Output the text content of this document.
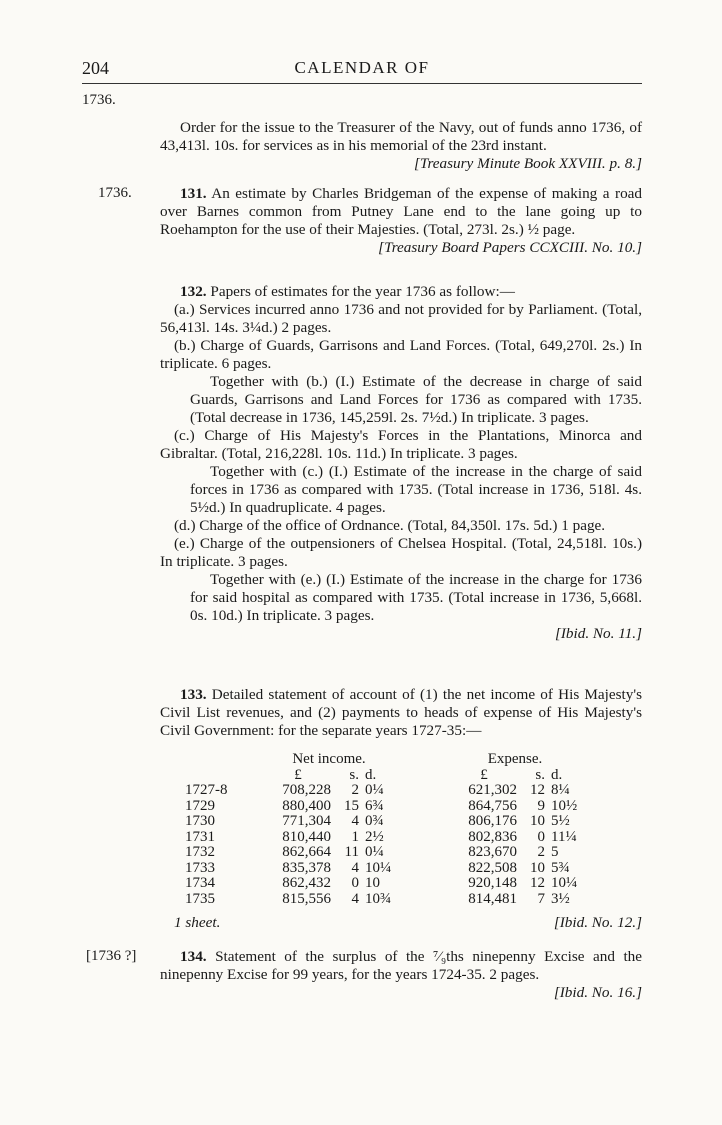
204	CALENDAR OF
1736.
Order for the issue to the Treasurer of the Navy, out of funds anno 1736, of 43,413l. 10s. for services as in his memorial of the 23rd instant.
[Treasury Minute Book XXVIII. p. 8.]
1736.	131. An estimate by Charles Bridgeman of the expense of making a road over Barnes common from Putney Lane end to the lane going up to Roehampton for the use of their Majesties. (Total, 273l. 2s.) ½ page.
[Treasury Board Papers CCXCIII. No. 10.]
132. Papers of estimates for the year 1736 as follow:—
(a.) Services incurred anno 1736 and not provided for by Parliament. (Total, 56,413l. 14s. 3¼d.) 2 pages.
(b.) Charge of Guards, Garrisons and Land Forces. (Total, 649,270l. 2s.) In triplicate. 6 pages.
Together with (b.) (I.) Estimate of the decrease in charge of said Guards, Garrisons and Land Forces for 1736 as compared with 1735. (Total decrease in 1736, 145,259l. 2s. 7½d.) In triplicate. 3 pages.
(c.) Charge of His Majesty's Forces in the Plantations, Minorca and Gibraltar. (Total, 216,228l. 10s. 11d.) In triplicate. 3 pages.
Together with (c.) (I.) Estimate of the increase in the charge of said forces in 1736 as compared with 1735. (Total increase in 1736, 518l. 4s. 5½d.) In quadruplicate. 4 pages.
(d.) Charge of the office of Ordnance. (Total, 84,350l. 17s. 5d.) 1 page.
(e.) Charge of the outpensioners of Chelsea Hospital. (Total, 24,518l. 10s.) In triplicate. 3 pages.
Together with (e.) (I.) Estimate of the increase in the charge for 1736 for said hospital as compared with 1735. (Total increase in 1736, 5,668l. 0s. 10d.) In triplicate. 3 pages.
[Ibid. No. 11.]
133. Detailed statement of account of (1) the net income of His Majesty's Civil List revenues, and (2) payments to heads of expense of His Majesty's Civil Government: for the separate years 1727-35:—
	Net income.				Expense.		
	£	s.	d.		£	s.	d.
1727-8	708,228	2	0¼		621,302	12	8¼
1729	880,400	15	6¾		864,756	9	10½
1730	771,304	4	0¾		806,176	10	5½
1731	810,440	1	2½		802,836	0	11¼
1732	862,664	11	0¼		823,670	2	5
1733	835,378	4	10¼		822,508	10	5¾
1734	862,432	0	10		920,148	12	10¼
1735	815,556	4	10¾		814,481	7	3½
1 sheet.	[Ibid. No. 12.]
[1736 ?]	134. Statement of the surplus of the ⁷⁄₉ths ninepenny Excise and the ninepenny Excise for 99 years, for the years 1724-35. 2 pages.
[Ibid. No. 16.]
